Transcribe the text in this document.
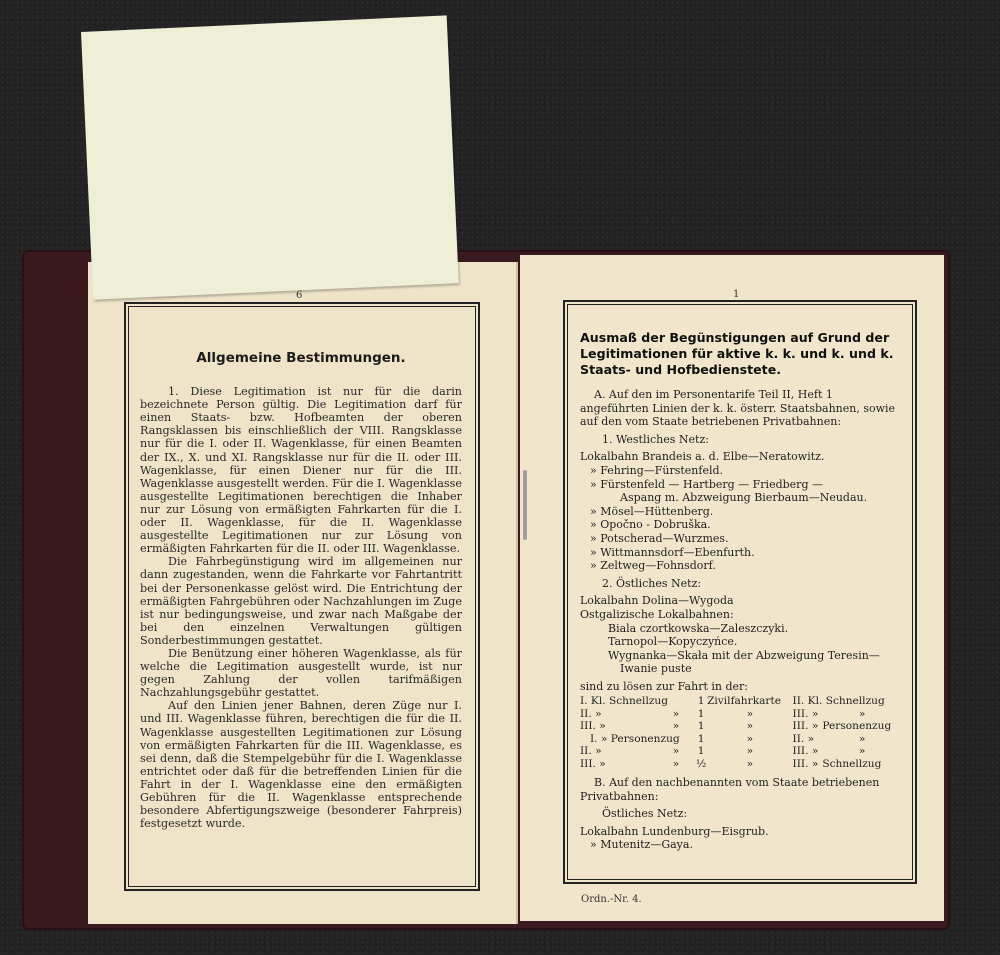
6	1
Allgemeine Bestimmungen.

1. Diese Legitimation ist nur für die darin bezeichnete Person gültig. Die Legitimation darf für einen Staats- bzw. Hofbeamten der oberen Rangsklassen bis einschließlich der VIII. Rangsklasse nur für die I. oder II. Wagenklasse, für einen Beamten der IX., X. und XI. Rangsklasse nur für die II. oder III. Wagenklasse, für einen Diener nur für die III. Wagenklasse ausgestellt werden. Für die I. Wagenklasse ausgestellte Legitimationen berechtigen die Inhaber nur zur Lösung von ermäßigten Fahrkarten für die I. oder II. Wagenklasse, für die II. Wagenklasse ausgestellte Legitimationen nur zur Lösung von ermäßigten Fahrkarten für die II. oder III. Wagenklasse.

Die Fahrbegünstigung wird im allgemeinen nur dann zugestanden, wenn die Fahrkarte vor Fahrtantritt bei der Personenkasse gelöst wird. Die Entrichtung der ermäßigten Fahrgebühren oder Nachzahlungen im Zuge ist nur bedingungsweise, und zwar nach Maßgabe der bei den einzelnen Verwaltungen gültigen Sonderbestimmungen gestattet.

Die Benützung einer höheren Wagenklasse, als für welche die Legitimation ausgestellt wurde, ist nur gegen Zahlung der vollen tarifmäßigen Nachzahlungsgebühr gestattet.

Auf den Linien jener Bahnen, deren Züge nur I. und III. Wagenklasse führen, berechtigen die für die II. Wagenklasse ausgestellten Legitimationen zur Lösung von ermäßigten Fahrkarten für die III. Wagenklasse, es sei denn, daß die Stempelgebühr für die I. Wagenklasse entrichtet oder daß für die betreffenden Linien für die Fahrt in der I. Wagenklasse eine den ermäßigten Gebühren für die II. Wagenklasse entsprechende besondere Abfertigungszweige (besonderer Fahrpreis) festgesetzt wurde.

Ausmaß der Begünstigungen auf Grund der Legitimationen für aktive k. k. und k. und k. Staats- und Hofbedienstete.

A. Auf den im Personentarife Teil II, Heft 1 angeführten Linien der k. k. österr. Staatsbahnen, sowie auf den vom Staate betriebenen Privatbahnen:

1. Westliches Netz:

Lokalbahn Brandeis a. d. Elbe—Neratowitz.

» Fehring—Fürstenfeld.

» Fürstenfeld — Hartberg — Friedberg —

Aspang m. Abzweigung Bierbaum—Neudau.

» Mösel—Hüttenberg.

» Opočno - Dobruška.

» Potscherad—Wurzmes.

» Wittmannsdorf—Ebenfurth.

» Zeltweg—Fohnsdorf.

2. Östliches Netz:

Lokalbahn Dolina—Wygoda

Ostgalizische Lokalbahnen:

Biala czortkowska—Zaleszczyki.

Tarnopol—Kopyczyńce.

Wygnanka—Skała mit der Abzweigung Teresin—

Iwanie puste

sind zu lösen zur Fahrt in der:

I. Kl. Schnellzug		1	Zivilfahrkarte	II. Kl. Schnellzug	
II. »		»	1	»	III. »	»
III. »		»	1	»	III. »	Personenzug
I. » Personenzug		1	»	II. »	»
II. »		»	1	»	III. »	»
III. »		»	½	»	III. »	Schnellzug

B. Auf den nachbenannten vom Staate betriebenen Privatbahnen:

Östliches Netz:

Lokalbahn Lundenburg—Eisgrub.

» Mutenitz—Gaya.

Ordn.-Nr. 4.
